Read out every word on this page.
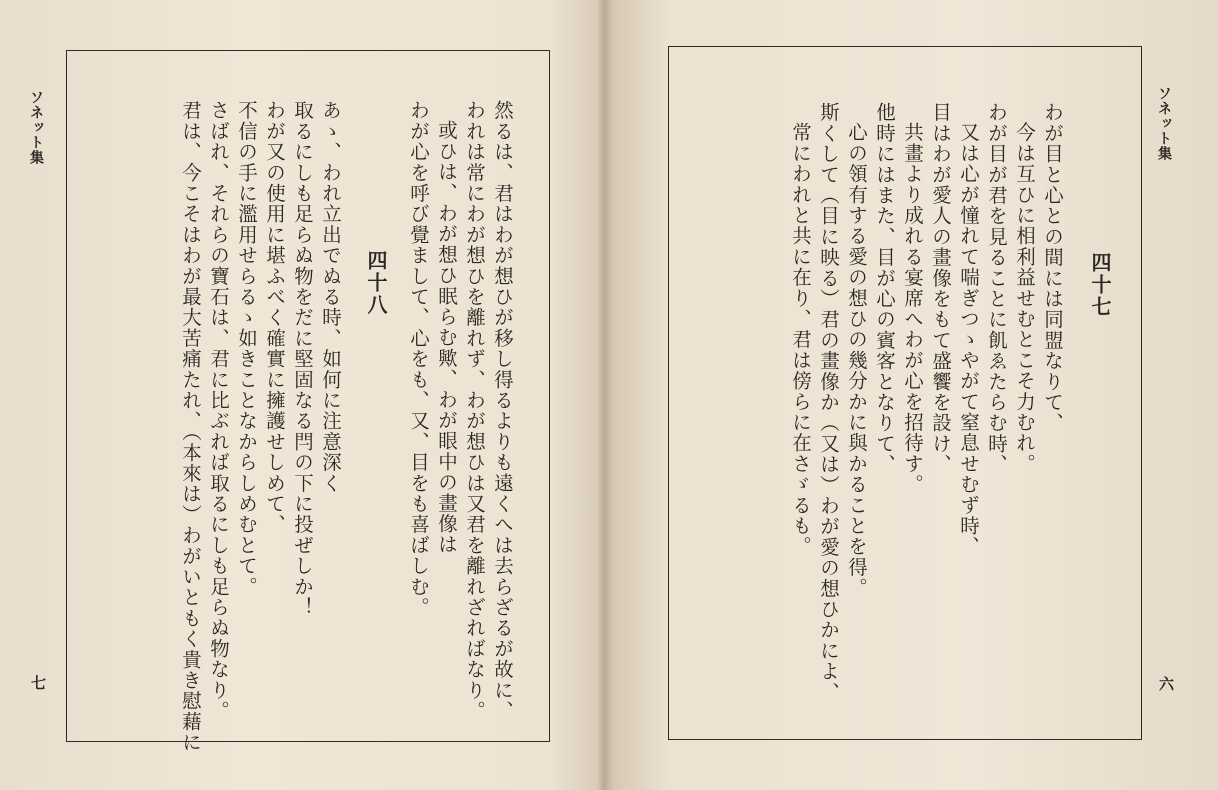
ソネット集
七	然るは、君はわが想ひが移し得るよりも遠くへは去らざるが故に、
われは常にわが想ひを離れず、わが想ひは又君を離れざればなり。
或ひは、わが想ひ眠らむ歟、わが眼中の畫像は
わが心を呼び覺まして、心をも、又、目をも喜ばしむ。
四十八
あゝ、われ立出でぬる時、如何に注意深く
取るにしも足らぬ物をだに堅固なる閂の下に投ぜしか！
わが又の使用に堪ふべく確實に擁護せしめて、
不信の手に濫用せらるゝ如きことなからしめむとて。
さばれ、それらの寶石は、君に比ぶれば取るにしも足らぬ物なり。
君は、今こそはわが最大苦痛たれ、（本來は）わがいともく貴き慰藉に	ソネット集
六
四十七
わが目と心との間には同盟なりて、
今は互ひに相利益せむとこそ力むれ。
わが目が君を見ることに飢ゑたらむ時、
又は心が憧れて喘ぎつゝやがて窒息せむず時、
目はわが愛人の畫像をもて盛饗を設け、
共畫より成れる宴席へわが心を招待す。
他時にはまた、目が心の賓客となりて、
心の領有する愛の想ひの幾分かに與かることを得。
斯くして（目に映る）君の畫像か（又は）わが愛の想ひかによ、
常にわれと共に在り、君は傍らに在さゞるも。
